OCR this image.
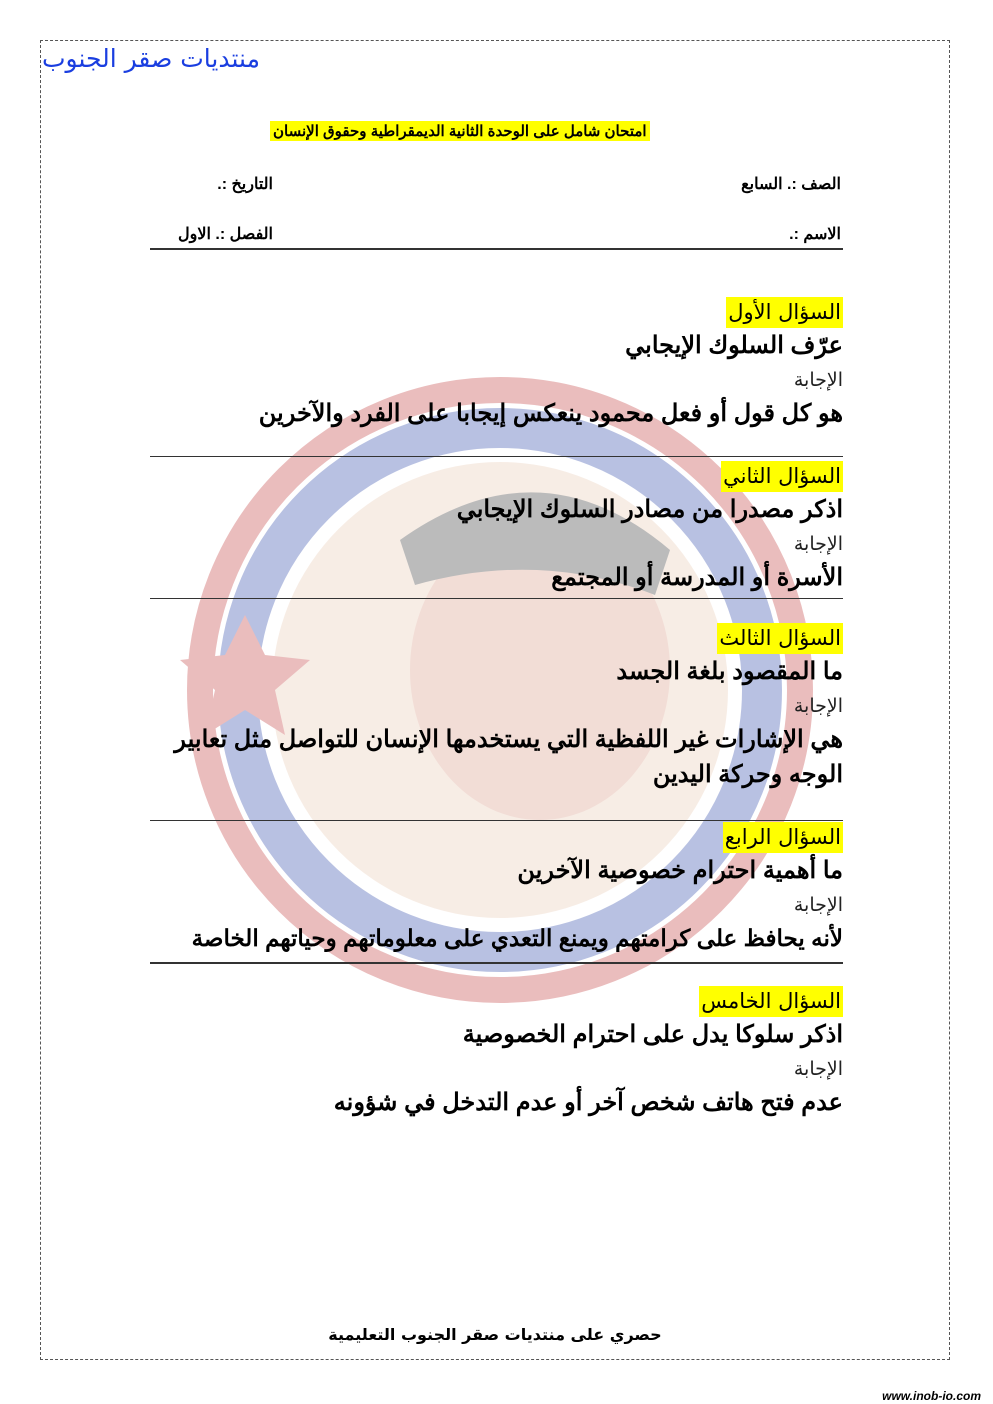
منتديات صقر الجنوب
امتحان شامل على الوحدة الثانية الديمقراطية وحقوق الإنسان
الصف :. السابع
التاريخ :.
الاسم :.
الفصل :. الاول
السؤال الأول
عرّف السلوك الإيجابي
الإجابة
هو كل قول أو فعل محمود ينعكس إيجابا على الفرد والآخرين
السؤال الثاني
اذكر مصدرا من مصادر السلوك الإيجابي
الإجابة
الأسرة أو المدرسة أو المجتمع
السؤال الثالث
ما المقصود بلغة الجسد
الإجابة
هي الإشارات غير اللفظية التي يستخدمها الإنسان للتواصل مثل تعابير الوجه وحركة اليدين
السؤال الرابع
ما أهمية احترام خصوصية الآخرين
الإجابة
لأنه يحافظ على كرامتهم ويمنع التعدي على معلوماتهم وحياتهم الخاصة
السؤال الخامس
اذكر سلوكا يدل على احترام الخصوصية
الإجابة
عدم فتح هاتف شخص آخر أو عدم التدخل في شؤونه
حصري على منتديات صقر الجنوب التعليمية
www.inob-io.com
